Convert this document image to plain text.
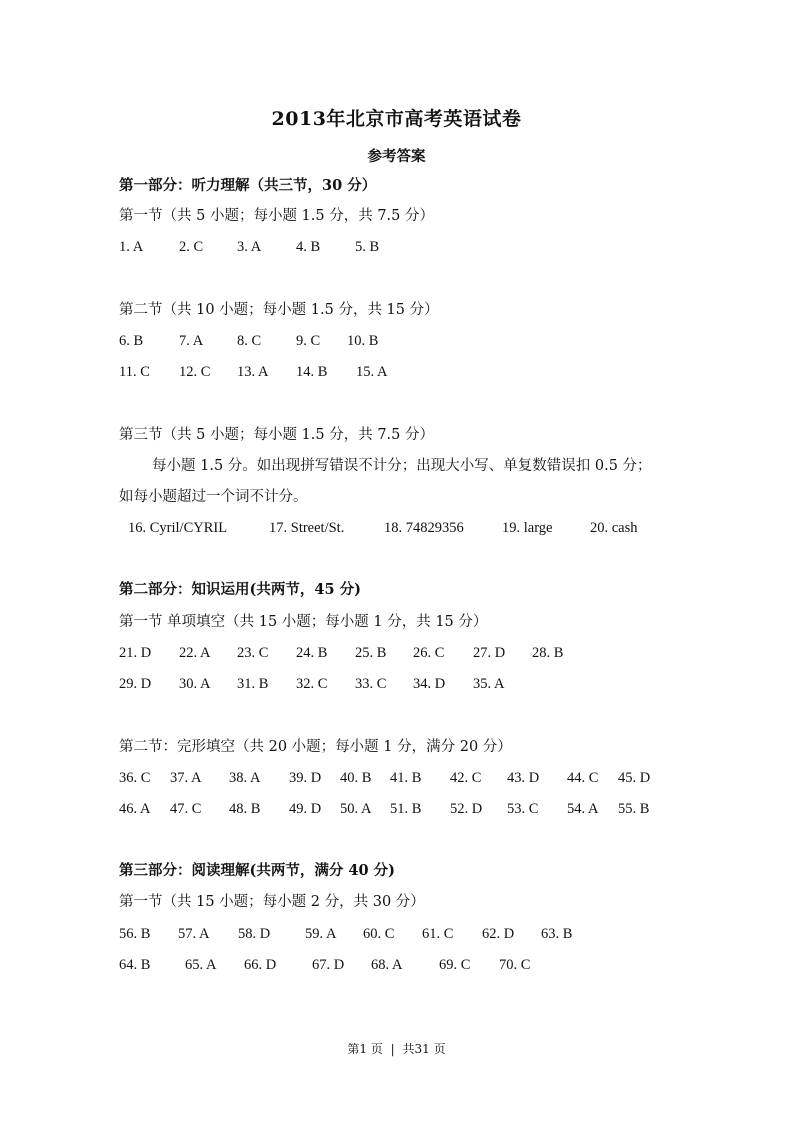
2013年北京市高考英语试卷
参考答案
第一部分：听力理解（共三节，30 分）
第一节（共 5 小题；每小题 1.5 分，共 7.5 分）
1. A 2. C 3. A 4. B 5. B
第二节（共 10 小题；每小题 1.5 分，共 15 分）
6. B 7. A 8. C 9. C 10. B
11. C 12. C 13. A 14. B 15. A
第三节（共 5 小题；每小题 1.5 分，共 7.5 分）
每小题 1.5 分。如出现拼写错误不计分；出现大小写、单复数错误扣 0.5 分；
如每小题超过一个词不计分。
16. Cyril/CYRIL	17. Street/St.	18. 74829356	19. large	20. cash
第二部分：知识运用(共两节，45 分)
第一节 单项填空（共 15 小题；每小题 1 分，共 15 分）
21. D 22. A 23. C 24. B 25. B 26. C 27. D 28. B
29. D 30. A 31. B 32. C 33. C 34. D 35. A
第二节：完形填空（共 20 小题；每小题 1 分，满分 20 分）
36. C 37. A 38. A 39. D 40. B 41. B 42. C 43. D 44. C 45. D
46. A 47. C 48. B 49. D 50. A 51. B 52. D 53. C 54. A 55. B
第三部分：阅读理解(共两节，满分 40 分)
第一节（共 15 小题；每小题 2 分，共 30 分）
56. B 57. A 58. D 59. A 60. C 61. C 62. D 63. B
64. B 65. A 66. D 67. D 68. A	69. C 70. C
第1 页 | 共31 页
